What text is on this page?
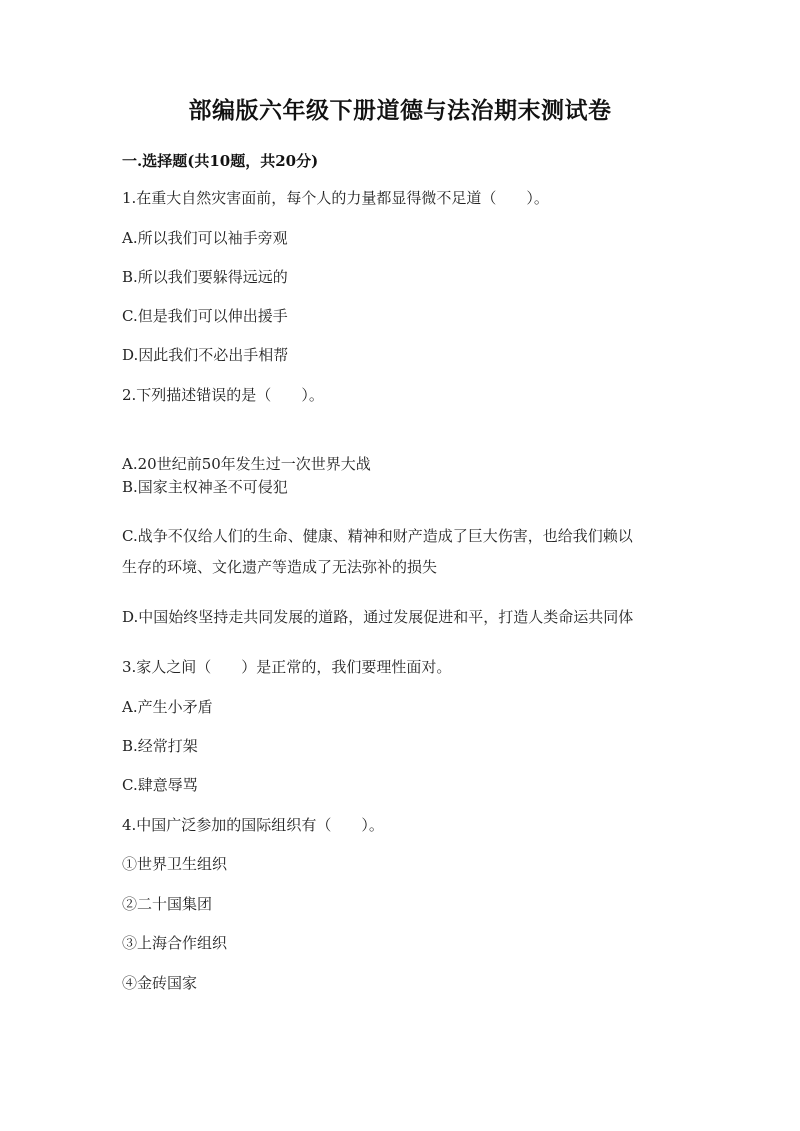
部编版六年级下册道德与法治期末测试卷
一.选择题(共10题，共20分)
1.在重大自然灾害面前，每个人的力量都显得微不足道（　　）。
A.所以我们可以袖手旁观
B.所以我们要躲得远远的
C.但是我们可以伸出援手
D.因此我们不必出手相帮
2.下列描述错误的是（　　）。
A.20世纪前50年发生过一次世界大战
B.国家主权神圣不可侵犯
C.战争不仅给人们的生命、健康、精神和财产造成了巨大伤害，也给我们赖以
生存的环境、文化遗产等造成了无法弥补的损失
D.中国始终坚持走共同发展的道路，通过发展促进和平，打造人类命运共同体
3.家人之间（　　）是正常的，我们要理性面对。
A.产生小矛盾
B.经常打架
C.肆意辱骂
4.中国广泛参加的国际组织有（　　）。
①世界卫生组织
②二十国集团
③上海合作组织
④金砖国家
